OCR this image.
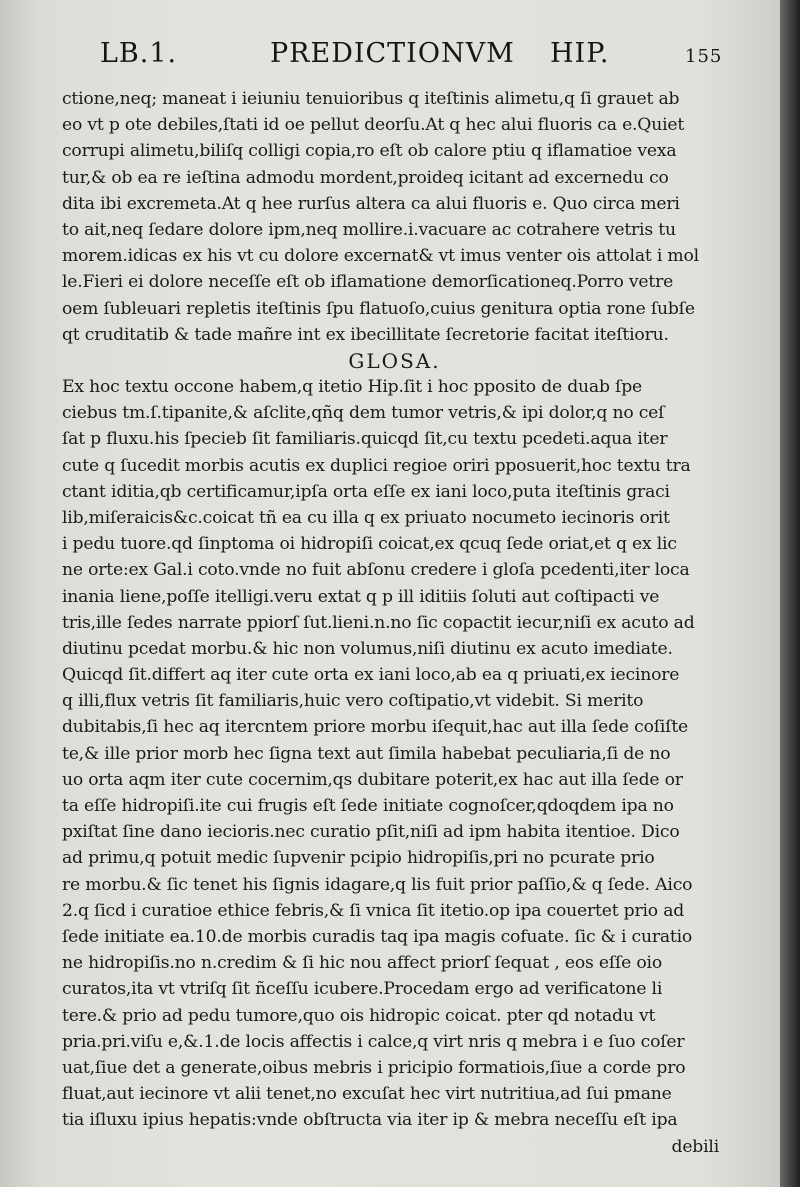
LB.1.	PREDICTIONVM HIP.	155
ctione,neq; maneat i ieiuniu tenuioribus q iteſtinis alimetu,q ſi grauet ab
eo vt p ote debiles,ſtati id oe pellut deorſu.At q hec alui fluoris ca e.Quiet
corrupi alimetu,biliſq colligi copia,ro eſt ob calore ptiu q iflamatioe vexa
tur,& ob ea re ieſtina admodu mordent,proideq icitant ad excernedu co
dita ibi excremeta.At q hee rurſus altera ca alui fluoris e. Quo circa meri
to ait,neq ſedare dolore ipm,neq mollire.i.vacuare ac cotrahere vetris tu
morem.idicas ex his vt cu dolore excernat& vt imus venter ois attolat i mol
le.Fieri ei dolore neceſſe eſt ob iflamatione demorſicationeq.Porro vetre
oem ſubleuari repletis iteſtinis ſpu flatuoſo,cuius genitura optia rone ſubſe
qt cruditatib & tade mañre int ex ibecillitate ſecretorie facitat iteſtioru.
GLOSA.
Ex hoc textu occone habem,q itetio Hip.ſit i hoc pposito de duab ſpe
ciebus tm.ſ.tipanite,& aſclite,qñq dem tumor vetris,& ipi dolor,q no ceſ
ſat p fluxu.his ſpecieb ſit familiaris.quicqd ſit,cu textu pcedeti.aqua iter
cute q ſucedit morbis acutis ex duplici regioe oriri pposuerit,hoc textu tra
ctant iditia,qb certificamur,ipſa orta eſſe ex iani loco,puta iteſtinis graci
lib,miſeraicis&c.coicat tñ ea cu illa q ex priuato nocumeto iecinoris orit
i pedu tuore.qd ſinptoma oi hidropiſi coicat,ex qcuq ſede oriat,et q ex lic
ne orte:ex Gal.i coto.vnde no fuit abſonu credere i gloſa pcedenti,iter loca
inania liene,poſſe itelligi.veru extat q p ill iditiis ſoluti aut coſtipacti ve
tris,ille ſedes narrate ppiorſ ſut.lieni.n.no ſic copactit iecur,niſi ex acuto ad
diutinu pcedat morbu.& hic non volumus,niſi diutinu ex acuto imediate.
Quicqd ſit.differt aq iter cute orta ex iani loco,ab ea q priuati,ex iecinore
q illi,flux vetris ſit familiaris,huic vero coſtipatio,vt videbit. Si merito
dubitabis,ſi hec aq itercntem priore morbu iſequit,hac aut illa ſede coſiſte
te,& ille prior morb hec ſigna text aut ſimila habebat peculiaria,ſi de no
uo orta aqm iter cute cocernim,qs dubitare poterit,ex hac aut illa ſede or
ta eſſe hidropiſi.ite cui frugis eſt ſede initiate cognoſcer,qdoqdem ipa no
pxiſtat ſine dano iecioris.nec curatio pſit,niſi ad ipm habita itentioe. Dico
ad primu,q potuit medic ſupvenir pcipio hidropiſis,pri no pcurate prio
re morbu.& ſic tenet his ſignis idagare,q lis fuit prior paſſio,& q ſede. Aico
2.q ſicd i curatioe ethice febris,& ſi vnica ſit itetio.op ipa couertet prio ad
ſede initiate ea.10.de morbis curadis taq ipa magis cofuate. ſic & i curatio
ne hidropiſis.no n.credim & ſi hic nou affect priorſ ſequat , eos eſſe oio
curatos,ita vt vtriſq ſit ñceſſu icubere.Procedam ergo ad verificatone li
tere.& prio ad pedu tumore,quo ois hidropic coicat. pter qd notadu vt
pria.pri.viſu e,&.1.de locis affectis i calce,q virt nris q mebra i e ſuo coſer
uat,ſiue det a generate,oibus mebris i pricipio formatiois,ſiue a corde pro
fluat,aut iecinore vt alii tenet,no excuſat hec virt nutritiua,ad ſui pmane
tia iſluxu ipius hepatis:vnde obſtructa via iter ip & mebra neceſſu eſt ipa
debili
